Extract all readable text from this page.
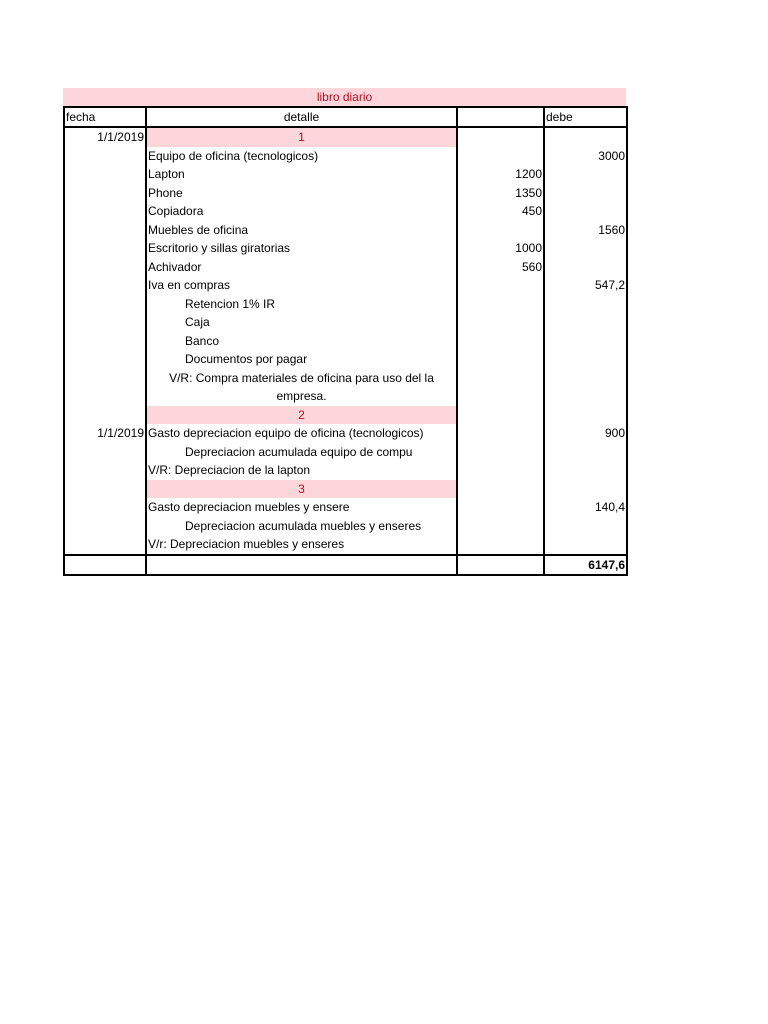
libro diario
fecha	detalle		debe
1/1/2019	1		
	Equipo de oficina (tecnologicos)		3000
	Lapton	1200	
	Phone	1350	
	Copiadora	450	
	Muebles de oficina		1560
	Escritorio y sillas giratorias	1000	
	Achivador	560	
	Iva en compras		547,2
	Retencion 1% IR		
	Caja		
	Banco		
	Documentos por pagar		
	V/R: Compra materiales de oficina para uso del la empresa.		
	2		
1/1/2019	Gasto depreciacion equipo de oficina (tecnologicos)		900
	Depreciacion acumulada equipo de compu		
	V/R: Depreciacion de la lapton		
	3		
	Gasto depreciacion muebles y ensere		140,4
	Depreciacion acumulada muebles y enseres		
	V/r: Depreciacion muebles y enseres		
			6147,6
